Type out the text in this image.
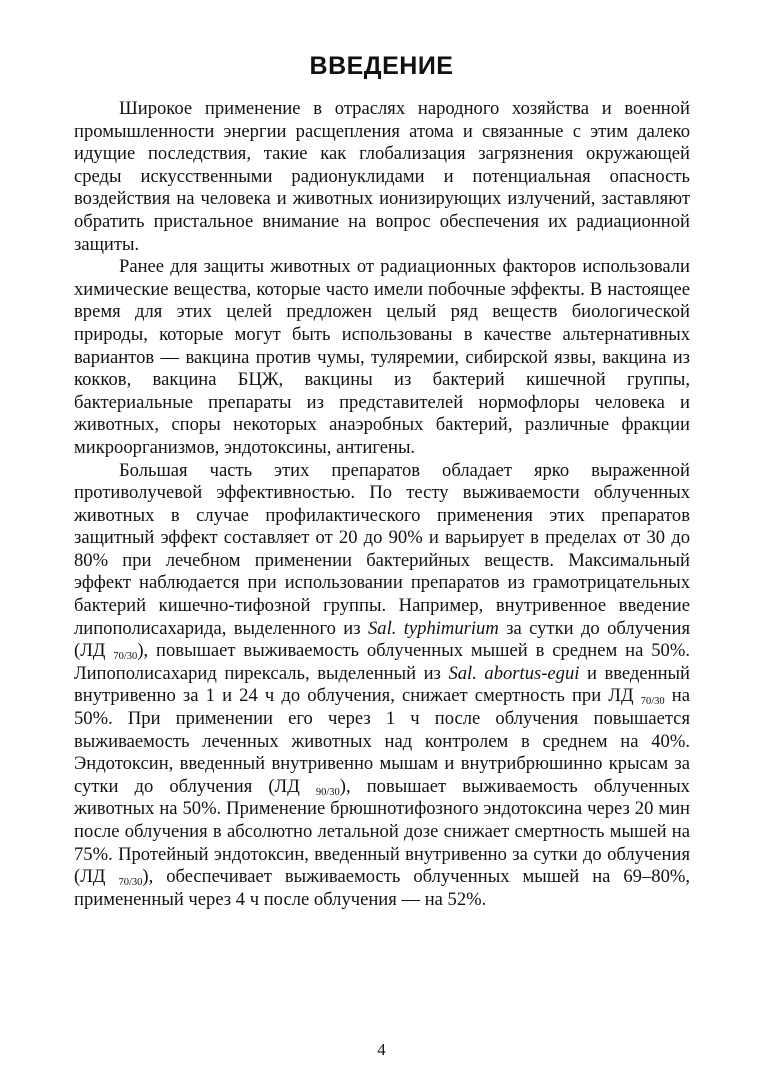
ВВЕДЕНИЕ

Широкое применение в отраслях народного хозяйства и военной промышленности энергии расщепления атома и связанные с этим далеко идущие последствия, такие как глобализация загрязнения окружающей среды искусственными радионуклидами и потенциальная опасность воздействия на человека и животных ионизирующих излучений, заставляют обратить пристальное внимание на вопрос обеспечения их радиационной защиты.

Ранее для защиты животных от радиационных факторов использовали химические вещества, которые часто имели побочные эффекты. В настоящее время для этих целей предложен целый ряд веществ биологической природы, которые могут быть использованы в качестве альтернативных вариантов — вакцина против чумы, туляремии, сибирской язвы, вакцина из кокков, вакцина БЦЖ, вакцины из бактерий кишечной группы, бактериальные препараты из представителей нормофлоры человека и животных, споры некоторых анаэробных бактерий, различные фракции микроорганизмов, эндотоксины, антигены.

Большая часть этих препаратов обладает ярко выраженной противолучевой эффективностью. По тесту выживаемости облученных животных в случае профилактического применения этих препаратов защитный эффект составляет от 20 до 90% и варьирует в пределах от 30 до 80% при лечебном применении бактерийных веществ. Максимальный эффект наблюдается при использовании препаратов из грамотрицательных бактерий кишечно-тифозной группы. Например, внутривенное введение липополисахарида, выделенного из Sal. typhimurium за сутки до облучения (ЛД $_{70/30}$), повышает выживаемость облученных мышей в среднем на 50%. Липополисахарид пирексаль, выделенный из Sal. abortus-egui и введенный внутривенно за 1 и 24 ч до облучения, снижает смертность при ЛД $_{70/30}$ на 50%. При применении его через 1 ч после облучения повышается выживаемость леченных животных над контролем в среднем на 40%. Эндотоксин, введенный внутривенно мышам и внутрибрюшинно крысам за сутки до облучения (ЛД $_{90/30}$), повышает выживаемость облученных животных на 50%. Применение брюшнотифозного эндотоксина через 20 мин после облучения в абсолютно летальной дозе снижает смертность мышей на 75%. Протейный эндотоксин, введенный внутривенно за сутки до облучения (ЛД $_{70/30}$), обеспечивает выживаемость облученных мышей на 69–80%, примененный через 4 ч после облучения — на 52%.

4
